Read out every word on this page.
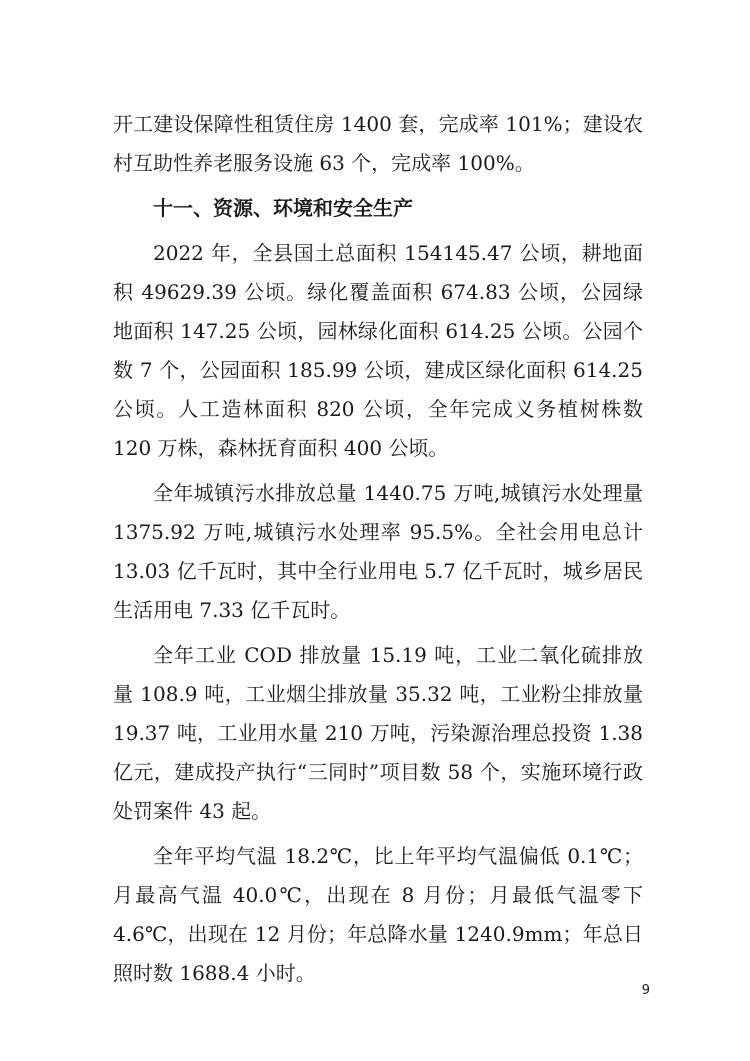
开工建设保障性租赁住房 1400 套，完成率 101%；建设农村互助性养老服务设施 63 个，完成率 100%。

十一、资源、环境和安全生产

2022 年，全县国土总面积 154145.47 公顷，耕地面积 49629.39 公顷。绿化覆盖面积 674.83 公顷，公园绿地面积 147.25 公顷，园林绿化面积 614.25 公顷。公园个数 7 个，公园面积 185.99 公顷，建成区绿化面积 614.25 公顷。人工造林面积 820 公顷，全年完成义务植树株数 120 万株，森林抚育面积 400 公顷。

全年城镇污水排放总量 1440.75 万吨,城镇污水处理量 1375.92 万吨,城镇污水处理率 95.5%。全社会用电总计 13.03 亿千瓦时，其中全行业用电 5.7 亿千瓦时，城乡居民生活用电 7.33 亿千瓦时。

全年工业 COD 排放量 15.19 吨，工业二氧化硫排放量 108.9 吨，工业烟尘排放量 35.32 吨，工业粉尘排放量 19.37 吨，工业用水量 210 万吨，污染源治理总投资 1.38 亿元，建成投产执行“三同时”项目数 58 个，实施环境行政处罚案件 43 起。

全年平均气温 18.2℃，比上年平均气温偏低 0.1℃；月最高气温 40.0℃，出现在 8 月份；月最低气温零下 4.6℃，出现在 12 月份；年总降水量 1240.9mm；年总日照时数 1688.4 小时。

9
